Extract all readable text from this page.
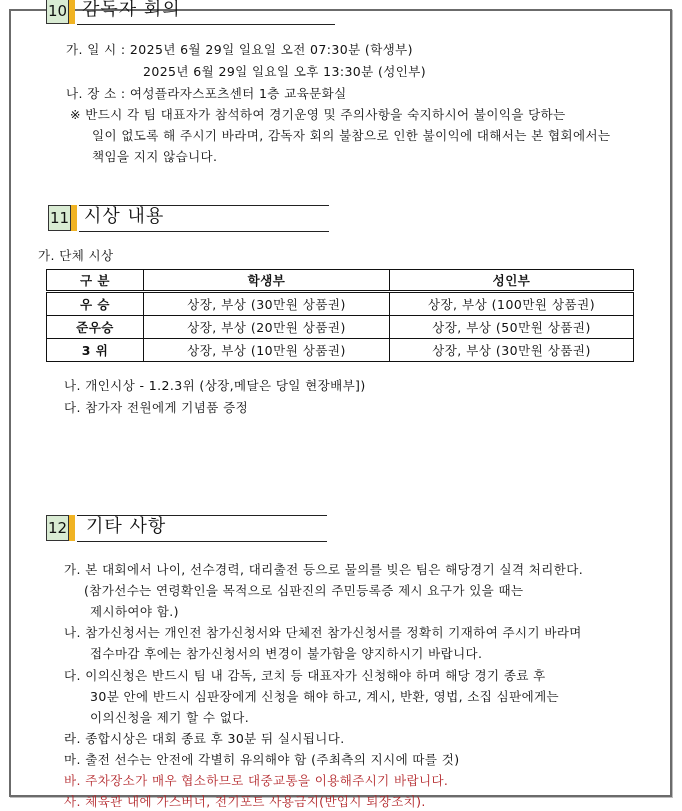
10 감독자 회의
가. 일 시 : 2025년 6월 29일 일요일 오전 07:30분 (학생부)
2025년 6월 29일 일요일 오후 13:30분 (성인부)
나. 장 소 : 여성플라자스포츠센터 1층 교육문화실
※ 반드시 각 팀 대표자가 참석하여 경기운영 및 주의사항을 숙지하시어 불이익을 당하는
일이 없도록 해 주시기 바라며, 감독자 회의 불참으로 인한 불이익에 대해서는 본 협회에서는
책임을 지지 않습니다.
11 시상 내용
가. 단체 시상
구 분	학생부	성인부
우 승	상장, 부상 (30만원 상품권)	상장, 부상 (100만원 상품권)
준우승	상장, 부상 (20만원 상품권)	상장, 부상 (50만원 상품권)
3 위	상장, 부상 (10만원 상품권)	상장, 부상 (30만원 상품권)
나. 개인시상 - 1.2.3위 (상장,메달은 당일 현장배부])
다. 참가자 전원에게 기념품 증정
12 기타 사항
가. 본 대회에서 나이, 선수경력, 대리출전 등으로 물의를 빚은 팀은 해당경기 실격 처리한다.
(참가선수는 연령확인을 목적으로 심판진의 주민등록증 제시 요구가 있을 때는
제시하여야 함.)
나. 참가신청서는 개인전 참가신청서와 단체전 참가신청서를 정확히 기재하여 주시기 바라며
접수마감 후에는 참가신청서의 변경이 불가함을 양지하시기 바랍니다.
다. 이의신청은 반드시 팀 내 감독, 코치 등 대표자가 신청해야 하며 해당 경기 종료 후
30분 안에 반드시 심판장에게 신청을 해야 하고, 계시, 반환, 영법, 소집 심판에게는
이의신청을 제기 할 수 없다.
라. 종합시상은 대회 종료 후 30분 뒤 실시됩니다.
마. 출전 선수는 안전에 각별히 유의해야 함 (주최측의 지시에 따를 것)
바. 주차장소가 매우 협소하므로 대중교통을 이용해주시기 바랍니다.
사. 체육관 내에 가스버너, 전기포트 사용금지(반입시 퇴장조치).
